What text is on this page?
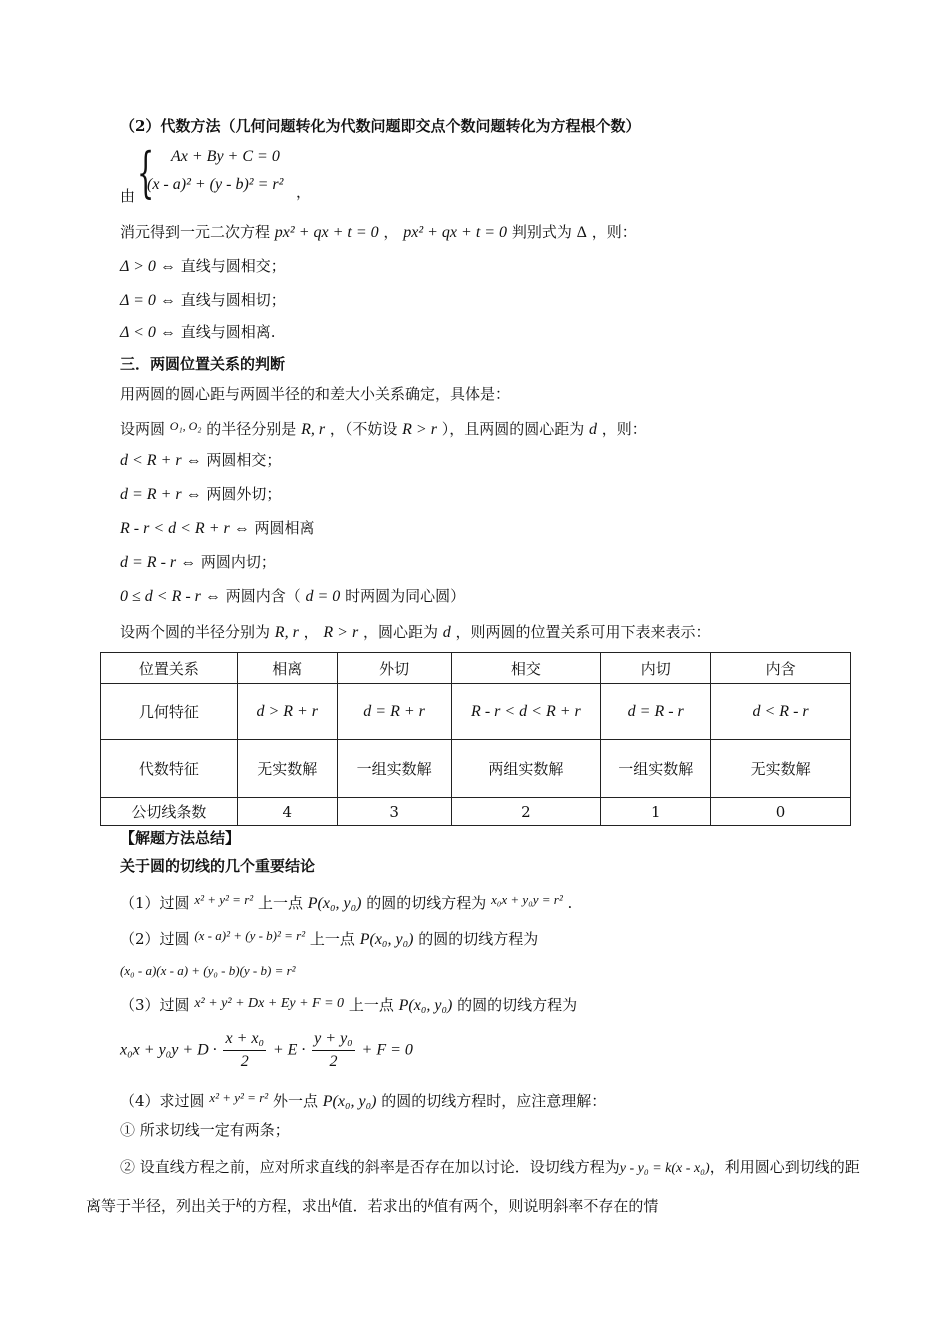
（2）代数方法（几何问题转化为代数问题即交点个数问题转化为方程根个数）
由 { Ax + By + C = 0
(x - a)² + (y - b)² = r² ，
消元得到一元二次方程 px² + qx + t = 0 ， px² + qx + t = 0 判别式为 Δ ，则：
Δ > 0 ⇔ 直线与圆相交；
Δ = 0 ⇔ 直线与圆相切；
Δ < 0 ⇔ 直线与圆相离.
三．两圆位置关系的判断
用两圆的圆心距与两圆半径的和差大小关系确定，具体是：
设两圆 $^{O_1, O_2}$ 的半径分别是 R, r ，（不妨设 R > r ），且两圆的圆心距为 d ，则：
d < R + r ⇔ 两圆相交；
d = R + r ⇔ 两圆外切；
R - r < d < R + r ⇔ 两圆相离
d = R - r ⇔ 两圆内切；
0 ≤ d < R - r ⇔ 两圆内含（ d = 0 时两圆为同心圆）
设两个圆的半径分别为 R, r ， R > r ，圆心距为 d ，则两圆的位置关系可用下表来表示：
位置关系	相离	外切	相交	内切	内含
几何特征	d > R + r	d = R + r	R - r < d < R + r	d = R - r	d < R - r
代数特征	无实数解	一组实数解	两组实数解	一组实数解	无实数解
公切线条数	4	3	2	1	0
【解题方法总结】
关于圆的切线的几个重要结论
（1）过圆 x² + y² = r² 上一点 P(x₀, y₀) 的圆的切线方程为 x₀x + y₀y = r² .
（2）过圆 (x - a)² + (y - b)² = r² 上一点 P(x₀, y₀) 的圆的切线方程为
(x₀ - a)(x - a) + (y₀ - b)(y - b) = r²
（3）过圆 x² + y² + Dx + Ey + F = 0 上一点 P(x₀, y₀) 的圆的切线方程为
$x_0x + y_0y + D \cdot \frac{\text{x + x₀}}{2} + E \cdot \frac{\text{y + y₀}}{2} + F = 0$
（4）求过圆 x² + y² = r² 外一点 P(x₀, y₀) 的圆的切线方程时，应注意理解：
① 所求切线一定有两条；
② 设直线方程之前，应对所求直线的斜率是否存在加以讨论．设切线方程为y - y₀ = k(x - x₀)，利用圆心到切线的距离等于半径，列出关于k的方程，求出k值．若求出的k值有两个，则说明斜率不存在的情
